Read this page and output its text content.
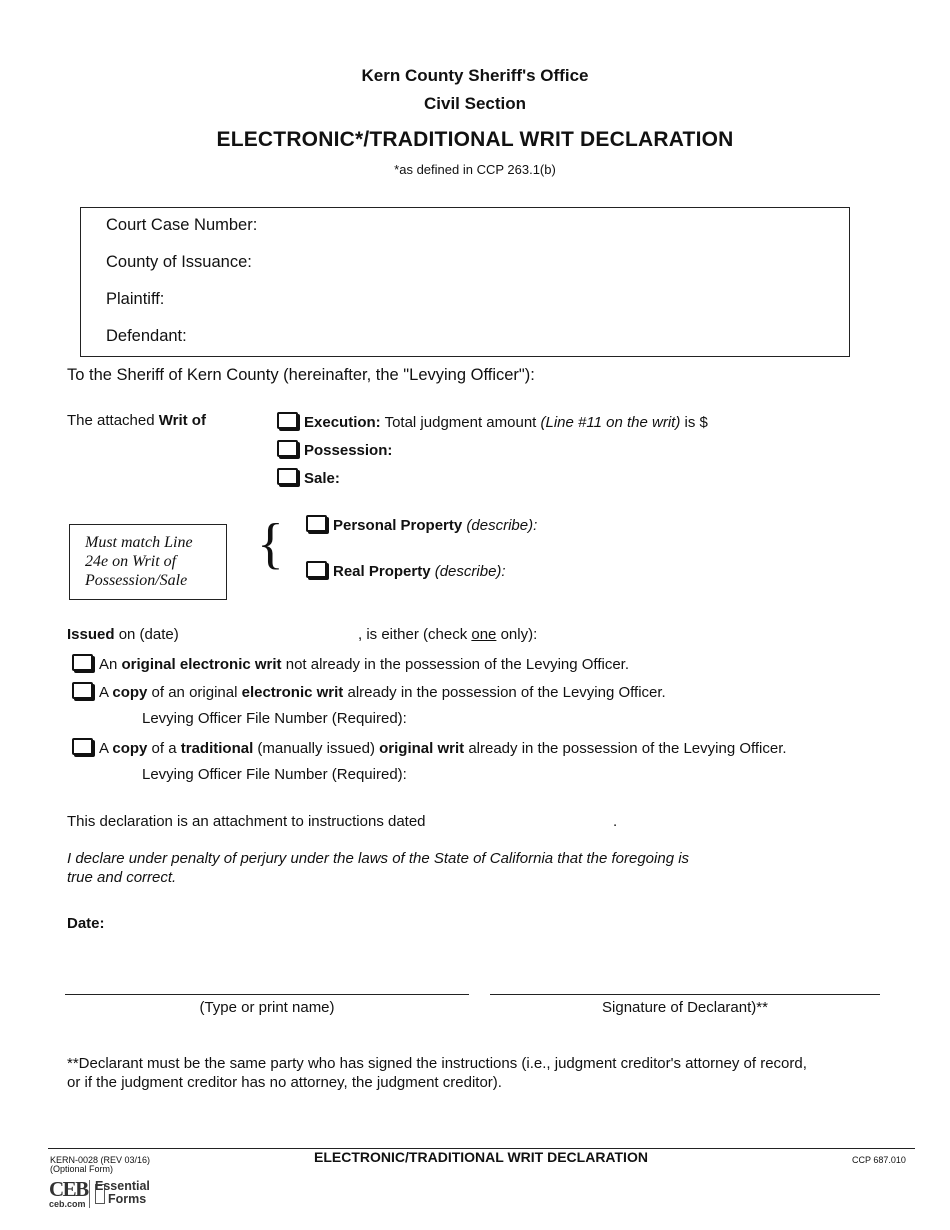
Kern County Sheriff's Office
Civil Section
ELECTRONIC*/TRADITIONAL WRIT DECLARATION
*as defined in CCP 263.1(b)
Court Case Number:
County of Issuance:
Plaintiff:
Defendant:
To the Sheriff of Kern County (hereinafter, the "Levying Officer"):
The attached Writ of	Execution: Total judgment amount (Line #11 on the writ) is $
Possession:
Sale:
Must match Line
24e on Writ of
Possession/Sale
{	Personal Property (describe):
Real Property (describe):
Issued on (date)	, is either (check one only):
An original electronic writ not already in the possession of the Levying Officer.
A copy of an original electronic writ already in the possession of the Levying Officer.
Levying Officer File Number (Required):
A copy of a traditional (manually issued) original writ already in the possession of the Levying Officer.
Levying Officer File Number (Required):
This declaration is an attachment to instructions dated	.
I declare under penalty of perjury under the laws of the State of California that the foregoing is
true and correct.
Date:
(Type or print name)	Signature of Declarant)**
**Declarant must be the same party who has signed the instructions (i.e., judgment creditor's attorney of record,
or if the judgment creditor has no attorney, the judgment creditor).
KERN-0028 (REV 03/16)
(Optional Form)
ELECTRONIC/TRADITIONAL WRIT DECLARATION	CCP 687.010
CEB
ceb.com
Essential
Forms
